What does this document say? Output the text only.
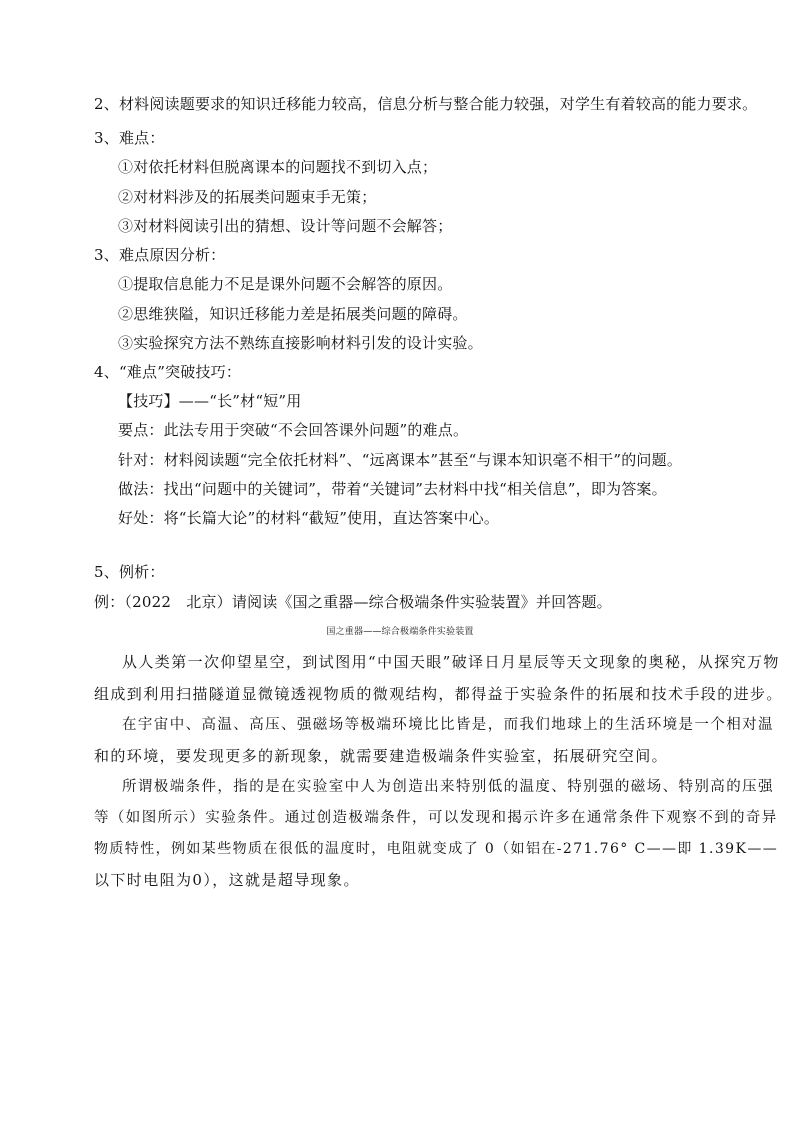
2、材料阅读题要求的知识迁移能力较高，信息分析与整合能力较强，对学生有着较高的能力要求。
3、难点：
①对依托材料但脱离课本的问题找不到切入点；
②对材料涉及的拓展类问题束手无策；
③对材料阅读引出的猜想、设计等问题不会解答；
3、难点原因分析：
①提取信息能力不足是课外问题不会解答的原因。
②思维狭隘，知识迁移能力差是拓展类问题的障碍。
③实验探究方法不熟练直接影响材料引发的设计实验。
4、“难点”突破技巧：
【技巧】——“长”材“短”用
要点：此法专用于突破“不会回答课外问题”的难点。
针对：材料阅读题“完全依托材料”、“远离课本”甚至“与课本知识毫不相干”的问题。
做法：找出“问题中的关键词”，带着“关键词”去材料中找“相关信息”，即为答案。
好处：将“长篇大论”的材料“截短”使用，直达答案中心。
5、例析：
例：（2022　北京）请阅读《国之重器—综合极端条件实验装置》并回答题。
国之重器——综合极端条件实验装置
从人类第一次仰望星空，到试图用“中国天眼”破译日月星辰等天文现象的奥秘，从探究万物
组成到利用扫描隧道显微镜透视物质的微观结构，都得益于实验条件的拓展和技术手段的进步。
在宇宙中、高温、高压、强磁场等极端环境比比皆是，而我们地球上的生活环境是一个相对温
和的环境，要发现更多的新现象，就需要建造极端条件实验室，拓展研究空间。
所谓极端条件，指的是在实验室中人为创造出来特别低的温度、特别强的磁场、特别高的压强
等（如图所示）实验条件。通过创造极端条件，可以发现和揭示许多在通常条件下观察不到的奇异
物质特性，例如某些物质在很低的温度时，电阻就变成了 0（如铝在-271.76° C——即 1.39K——
以下时电阻为0），这就是超导现象。
